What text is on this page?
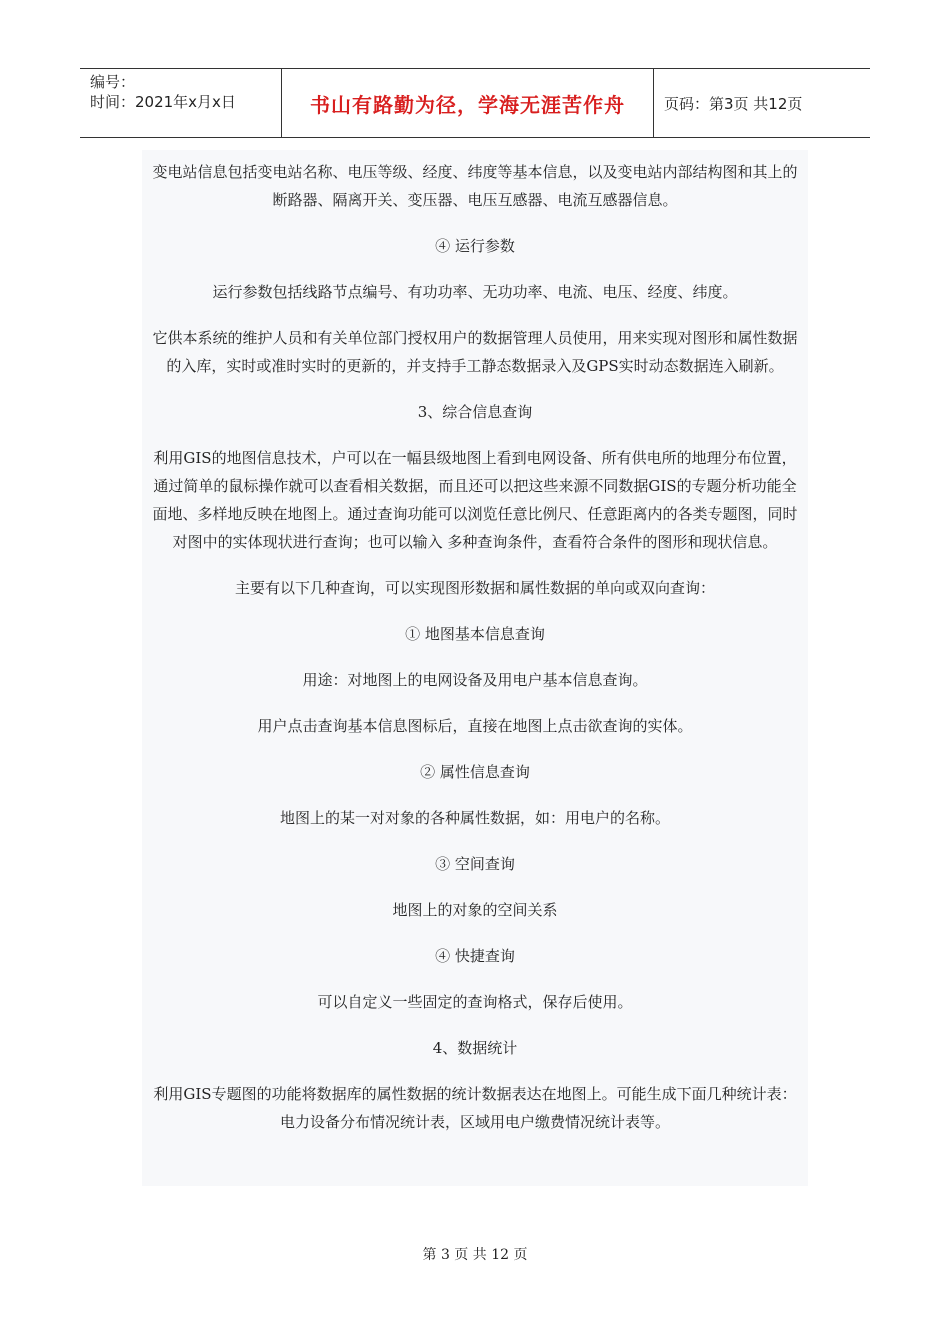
编号：
时间：2021年x月x日	书山有路勤为径，学海无涯苦作舟	页码：第3页 共12页

变电站信息包括变电站名称、电压等级、经度、纬度等基本信息，以及变电站内部结构图和其上的断路器、隔离开关、变压器、电压互感器、电流互感器信息。

④ 运行参数

运行参数包括线路节点编号、有功功率、无功功率、电流、电压、经度、纬度。

它供本系统的维护人员和有关单位部门授权用户的数据管理人员使用，用来实现对图形和属性数据的入库，实时或准时实时的更新的，并支持手工静态数据录入及GPS实时动态数据连入刷新。

3、综合信息查询

利用GIS的地图信息技术，户可以在一幅县级地图上看到电网设备、所有供电所的地理分布位置，通过简单的鼠标操作就可以查看相关数据，而且还可以把这些来源不同数据GIS的专题分析功能全面地、多样地反映在地图上。通过查询功能可以浏览任意比例尺、任意距离内的各类专题图，同时对图中的实体现状进行查询；也可以输入 多种查询条件，查看符合条件的图形和现状信息。

主要有以下几种查询，可以实现图形数据和属性数据的单向或双向查询：

① 地图基本信息查询

用途：对地图上的电网设备及用电户基本信息查询。

用户点击查询基本信息图标后，直接在地图上点击欲查询的实体。

② 属性信息查询

地图上的某一对对象的各种属性数据，如：用电户的名称。

③ 空间查询

地图上的对象的空间关系

④ 快捷查询

可以自定义一些固定的查询格式，保存后使用。

4、数据统计

利用GIS专题图的功能将数据库的属性数据的统计数据表达在地图上。可能生成下面几种统计表：电力设备分布情况统计表，区域用电户缴费情况统计表等。

第 3 页 共 12 页
